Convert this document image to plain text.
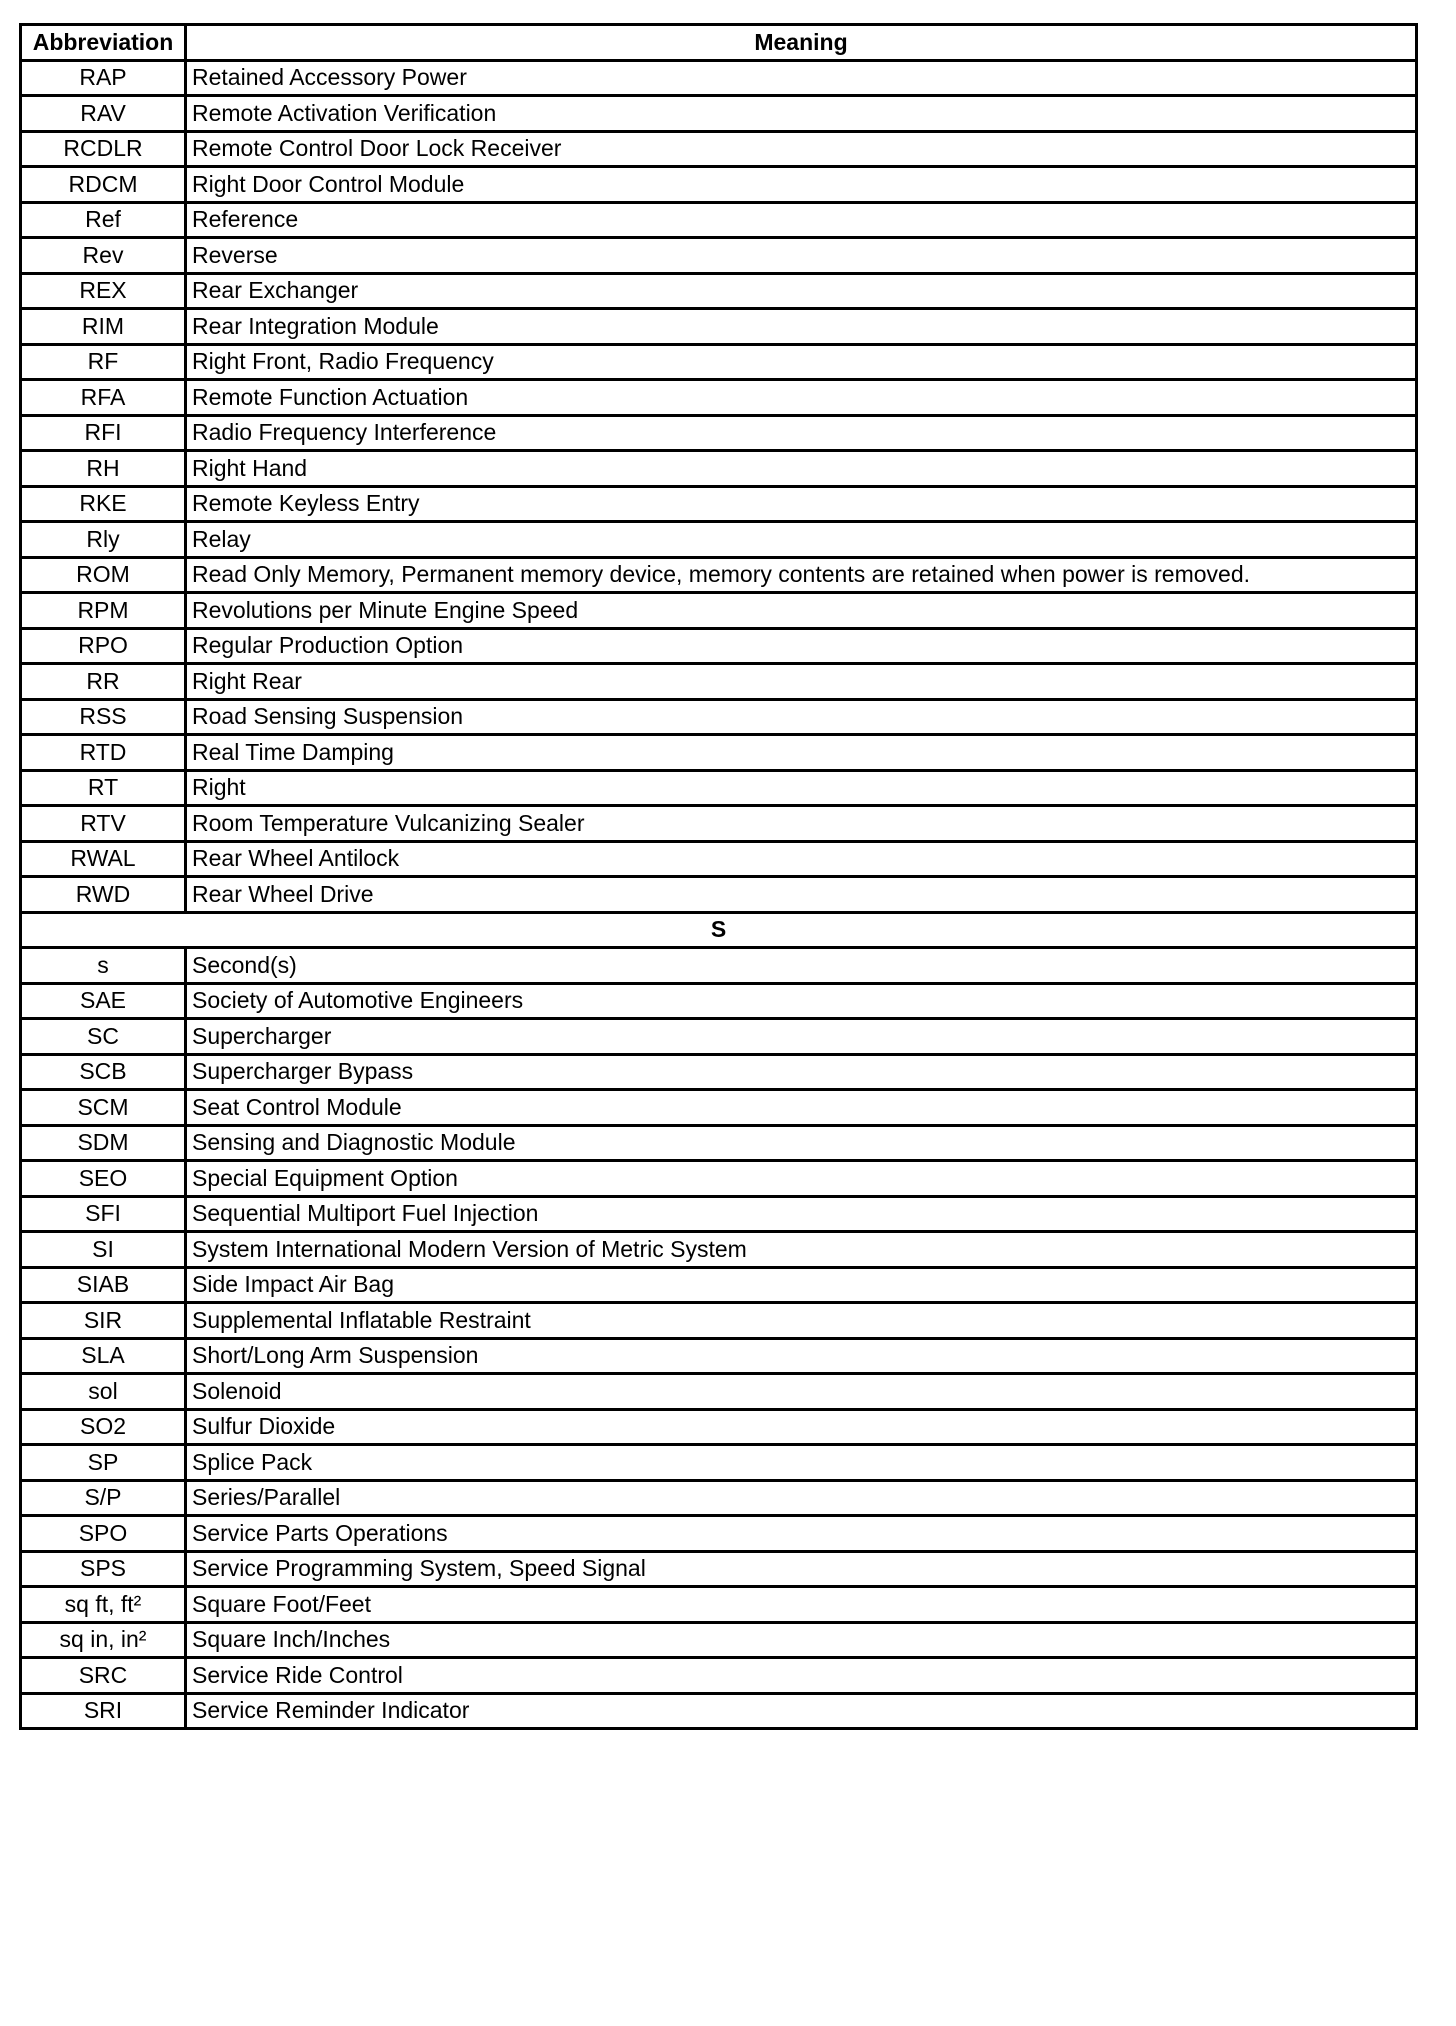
Abbreviation	Meaning
RAP	Retained Accessory Power
RAV	Remote Activation Verification
RCDLR	Remote Control Door Lock Receiver
RDCM	Right Door Control Module
Ref	Reference
Rev	Reverse
REX	Rear Exchanger
RIM	Rear Integration Module
RF	Right Front, Radio Frequency
RFA	Remote Function Actuation
RFI	Radio Frequency Interference
RH	Right Hand
RKE	Remote Keyless Entry
Rly	Relay
ROM	Read Only Memory, Permanent memory device, memory contents are retained when power is removed.
RPM	Revolutions per Minute Engine Speed
RPO	Regular Production Option
RR	Right Rear
RSS	Road Sensing Suspension
RTD	Real Time Damping
RT	Right
RTV	Room Temperature Vulcanizing Sealer
RWAL	Rear Wheel Antilock
RWD	Rear Wheel Drive
S	
s	Second(s)
SAE	Society of Automotive Engineers
SC	Supercharger
SCB	Supercharger Bypass
SCM	Seat Control Module
SDM	Sensing and Diagnostic Module
SEO	Special Equipment Option
SFI	Sequential Multiport Fuel Injection
SI	System International Modern Version of Metric System
SIAB	Side Impact Air Bag
SIR	Supplemental Inflatable Restraint
SLA	Short/Long Arm Suspension
sol	Solenoid
SO2	Sulfur Dioxide
SP	Splice Pack
S/P	Series/Parallel
SPO	Service Parts Operations
SPS	Service Programming System, Speed Signal
sq ft, ft²	Square Foot/Feet
sq in, in²	Square Inch/Inches
SRC	Service Ride Control
SRI	Service Reminder Indicator
